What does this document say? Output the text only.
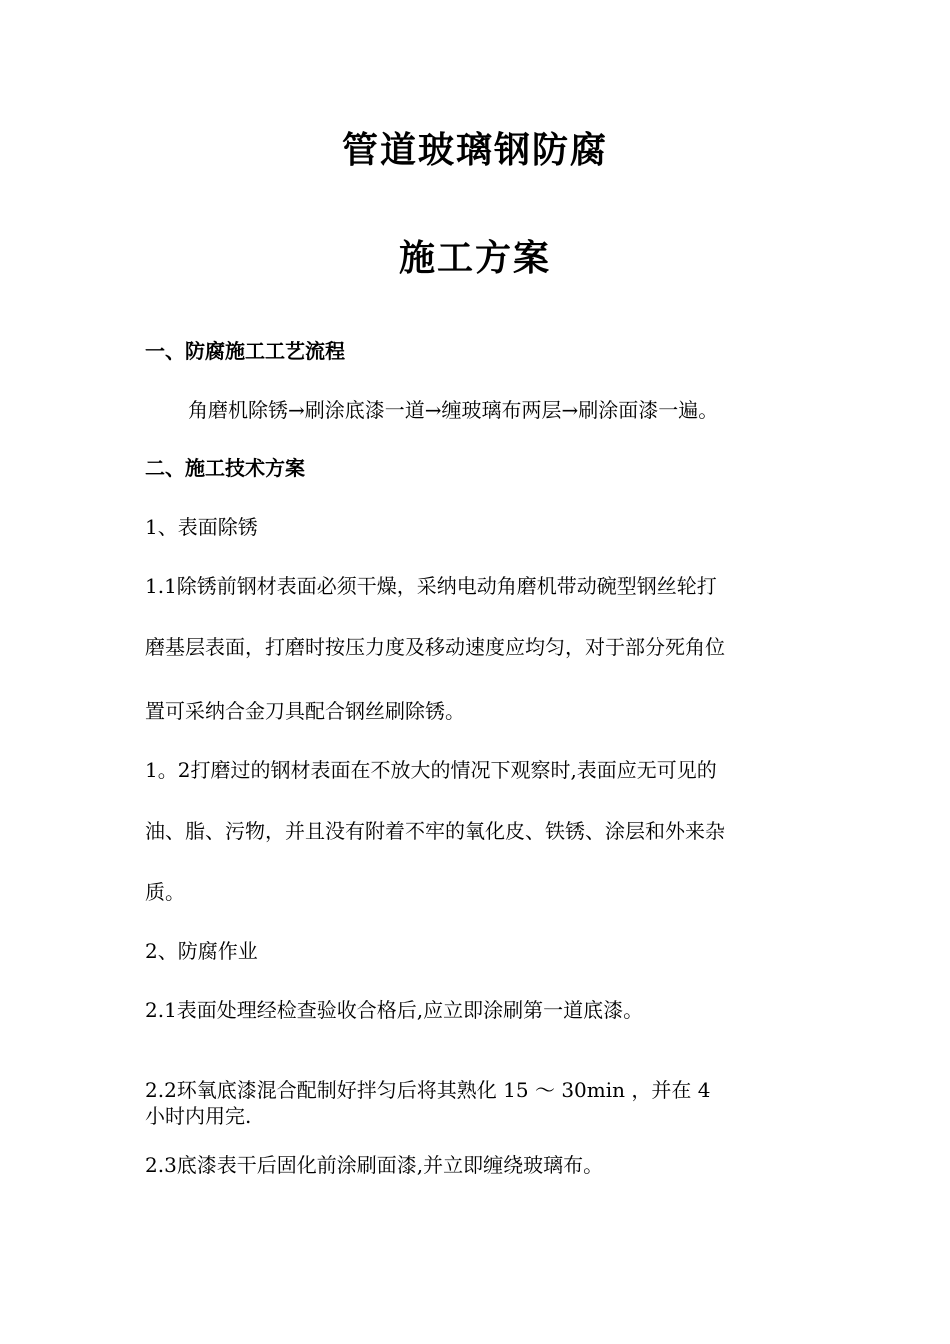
管道玻璃钢防腐
施工方案
一、防腐施工工艺流程
角磨机除锈→刷涂底漆一道→缠玻璃布两层→刷涂面漆一遍。
二、施工技术方案
1、表面除锈
1.1除锈前钢材表面必须干燥，采纳电动角磨机带动碗型钢丝轮打
磨基层表面，打磨时按压力度及移动速度应均匀，对于部分死角位
置可采纳合金刀具配合钢丝刷除锈。
1。2打磨过的钢材表面在不放大的情况下观察时,表面应无可见的
油、脂、污物，并且没有附着不牢的氧化皮、铁锈、涂层和外来杂
质。
2、防腐作业
2.1表面处理经检查验收合格后,应立即涂刷第一道底漆。
2.2环氧底漆混合配制好拌匀后将其熟化 15 ～ 30min ，并在 4
小时内用完.
2.3底漆表干后固化前涂刷面漆,并立即缠绕玻璃布。
